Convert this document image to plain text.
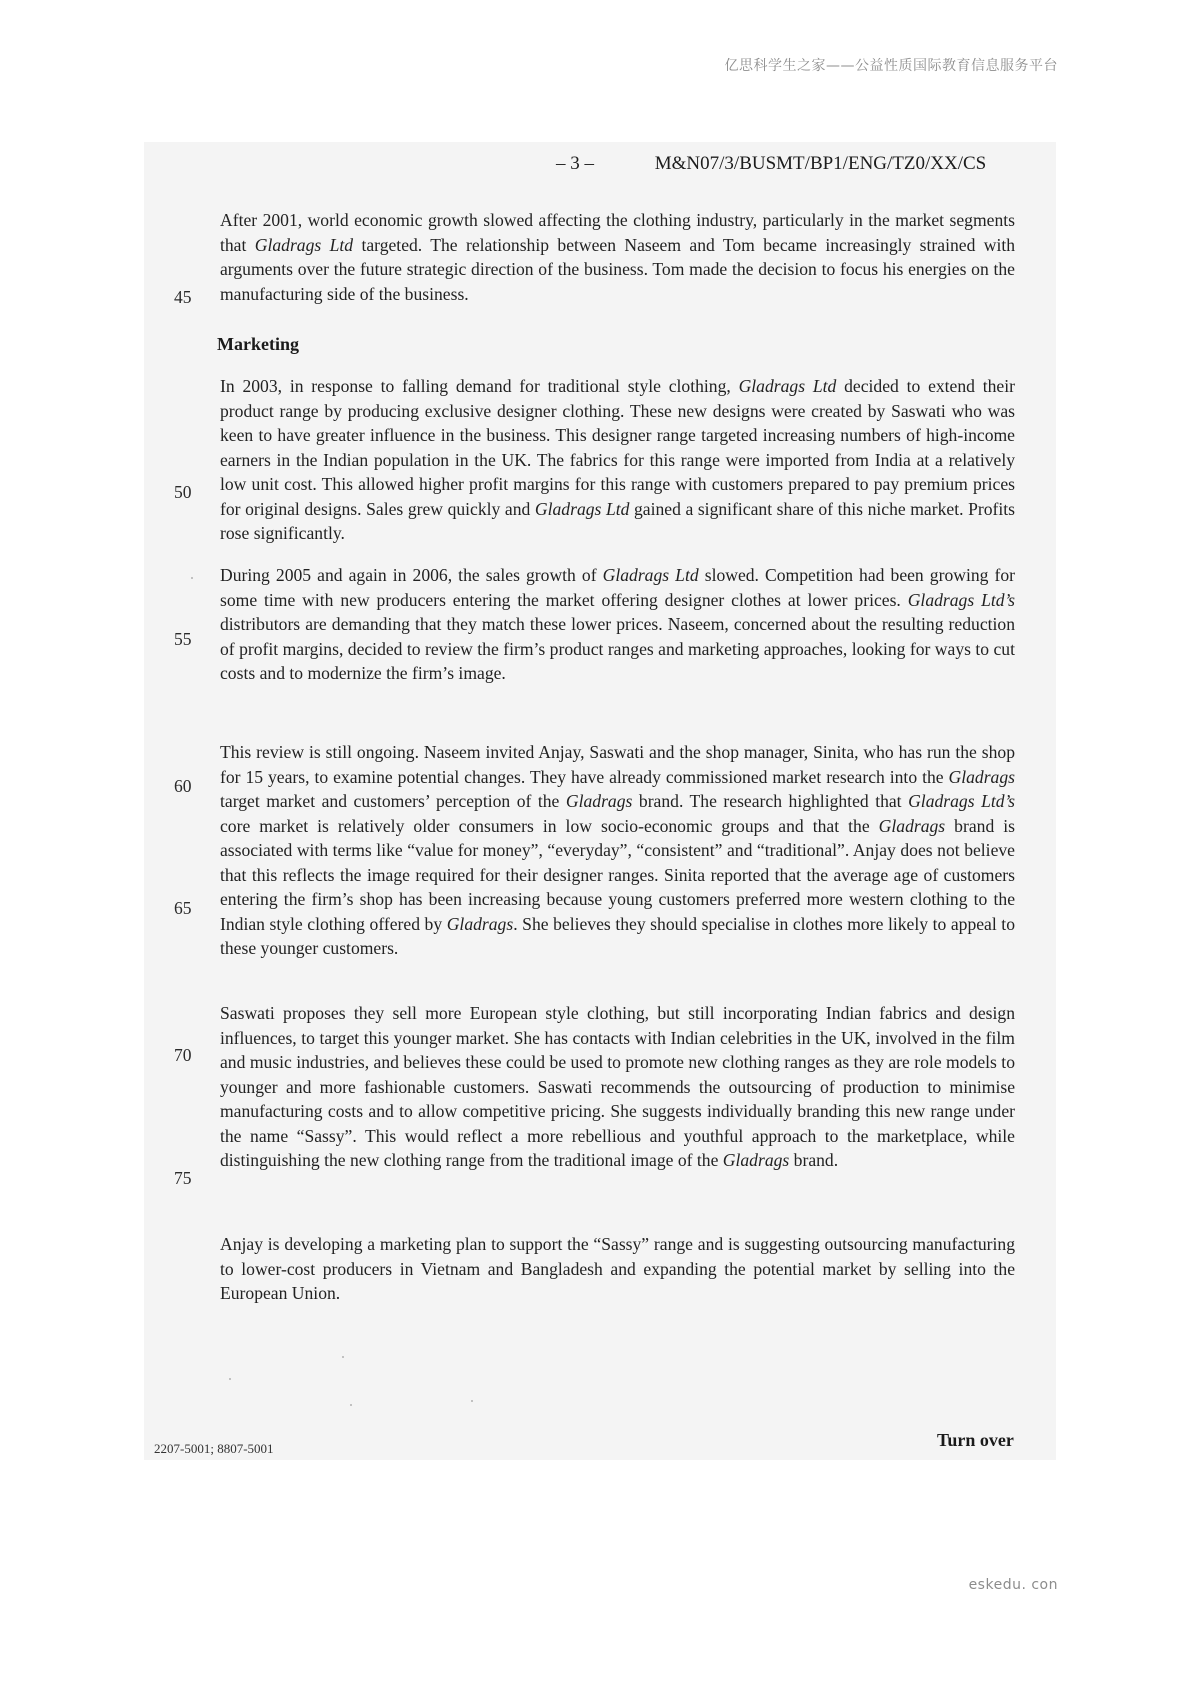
亿思科学生之家——公益性质国际教育信息服务平台
– 3 –	M&N07/3/BUSMT/BP1/ENG/TZ0/XX/CS

After 2001, world economic growth slowed affecting the clothing industry, particularly in the market segments that Gladrags Ltd targeted. The relationship between Naseem and Tom became increasingly strained with arguments over the future strategic direction of the business. Tom made the decision to focus his energies on the manufacturing side of the business.

Marketing

In 2003, in response to falling demand for traditional style clothing, Gladrags Ltd decided to extend their product range by producing exclusive designer clothing. These new designs were created by Saswati who was keen to have greater influence in the business. This designer range targeted increasing numbers of high-income earners in the Indian population in the UK. The fabrics for this range were imported from India at a relatively low unit cost. This allowed higher profit margins for this range with customers prepared to pay premium prices for original designs. Sales grew quickly and Gladrags Ltd gained a significant share of this niche market. Profits rose significantly.

During 2005 and again in 2006, the sales growth of Gladrags Ltd slowed. Competition had been growing for some time with new producers entering the market offering designer clothes at lower prices. Gladrags Ltd’s distributors are demanding that they match these lower prices. Naseem, concerned about the resulting reduction of profit margins, decided to review the firm’s product ranges and marketing approaches, looking for ways to cut costs and to modernize the firm’s image.

This review is still ongoing. Naseem invited Anjay, Saswati and the shop manager, Sinita, who has run the shop for 15 years, to examine potential changes. They have already commissioned market research into the Gladrags target market and customers’ perception of the Gladrags brand. The research highlighted that Gladrags Ltd’s core market is relatively older consumers in low socio-economic groups and that the Gladrags brand is associated with terms like “value for money”, “everyday”, “consistent” and “traditional”. Anjay does not believe that this reflects the image required for their designer ranges. Sinita reported that the average age of customers entering the firm’s shop has been increasing because young customers preferred more western clothing to the Indian style clothing offered by Gladrags. She believes they should specialise in clothes more likely to appeal to these younger customers.

Saswati proposes they sell more European style clothing, but still incorporating Indian fabrics and design influences, to target this younger market. She has contacts with Indian celebrities in the UK, involved in the film and music industries, and believes these could be used to promote new clothing ranges as they are role models to younger and more fashionable customers. Saswati recommends the outsourcing of production to minimise manufacturing costs and to allow competitive pricing. She suggests individually branding this new range under the name “Sassy”. This would reflect a more rebellious and youthful approach to the marketplace, while distinguishing the new clothing range from the traditional image of the Gladrags brand.

Anjay is developing a marketing plan to support the “Sassy” range and is suggesting outsourcing manufacturing to lower-cost producers in Vietnam and Bangladesh and expanding the potential market by selling into the European Union.

45
50
55
60
65
70
75
2207-5001; 8807-5001	Turn over
eskedu. con
